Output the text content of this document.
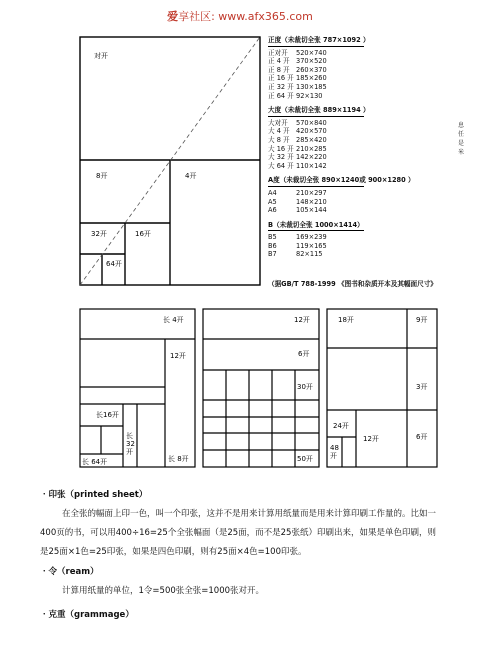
爱享社区: www.afx365.com
对开
8开	4开
32开	16开
64开
正度（未裁切全张 787×1092 ）
正对开	520×740
正 4 开 370×520
正 8 开 260×370
正 16 开 185×260
正 32 开 130×185
正 64 开 92×130
大度（未裁切全张 889×1194 ）
大对开	570×840
大 4 开 420×570
大 8 开 285×420
大 16 开 210×285
大 32 开 142×220
大 64 开 110×142
A度（未裁切全张 890×1240或 900×1280 ）
A4	210×297
A5	148×210
A6	105×144
B（未裁切全张 1000×1414）
B5	169×239
B6	119×165
B7	82×115
（据GB/T 788-1999 《图书和杂质开本及其幅面尺寸》
息
任
是
米
长 4开
12开
长16开
长 8开
长 64开
长 32 开
12开
6开
30开
50开
18开	9开
3开
24开
12开	6开
48 开
・印张（printed sheet）
在全张的幅面上印一色，叫一个印张，这并不是用来计算用纸量而是用来计算印刷工作量的。比如一
400页的书，可以用400÷16=25个全张幅面（是25面，而不是25张纸）印刷出来，如果是单色印刷，则
是25面×1色=25印张，如果是四色印刷，则有25面×4色=100印张。
・令（ream）
计算用纸量的单位，1令=500张全张=1000张对开。
・克重（grammage）
